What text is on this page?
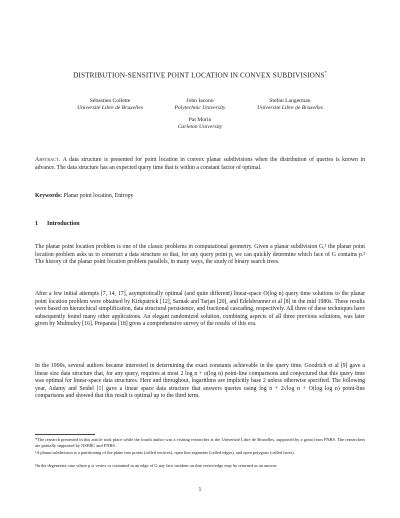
DISTRIBUTION-SENSITIVE POINT LOCATION IN CONVEX SUBDIVISIONS*
Sébastien Collette
Université Libre de Bruxelles
John Iacono
Polytechnic University
Stefan Langerman
Université Libre de Bruxelles
Pat Morin
Carleton University
Abstract. A data structure is presented for point location in convex planar subdivisions when the distribution of queries is known in advance. The data structure has an expected query time that is within a constant factor of optimal.
Keywords: Planar point location, Entropy
1 Introduction

The planar point location problem is one of the classic problems in computational geometry. Given a planar subdivision G,¹ the planar point location problem asks us to construct a data structure so that, for any query point p, we can quickly determine which face of G contains p.² The history of the planar point location problem parallels, in many ways, the study of binary search trees.

After a few initial attempts [7, 14, 17], asymptotically optimal (and quite different) linear-space O(log n) query time solutions to the planar point location problem were obtained by Kirkpatrick [12], Sarnak and Tarjan [20], and Edelsbrunner et al [8] in the mid 1980s. These results were based on hierarchical simplification, data structural persistence, and fractional cascading, respectively. All three of these techniques have subsequently found many other applications. An elegant randomized solution, combining aspects of all three previous solutions, was later given by Mulmuley [16]. Preparata [18] gives a comprehensive survey of the results of this era.

In the 1990s, several authors became interested in determining the exact constants achievable in the query time. Goodrich et al [9] gave a linear size data structure that, for any query, requires at most 2 log n + o(log n) point-line comparisons and conjectured that this query time was optimal for linear-space data structures. Here and throughout, logarithms are implicitly base 2 unless otherwise specified. The following year, Adamy and Seidel [1] gave a linear space data structure that answers queries using log n + 2√log n + O(log log n) point-line comparisons and showed that this result is optimal up to the third term.

*The research presented in this article took place while the fourth author was a visiting researcher at the Université Libre de Bruxelles, supported by a grant from FNRS. The researchers are partially supported by NSERC and FNRS.
¹A planar subdivision is a partitioning of the plane into points (called vertices), open line segments (called edges), and open polygons (called faces).
²In the degenerate case where p is vertex or contained in an edge of G any face incident on that vertex/edge may be returned as an answer.
1
